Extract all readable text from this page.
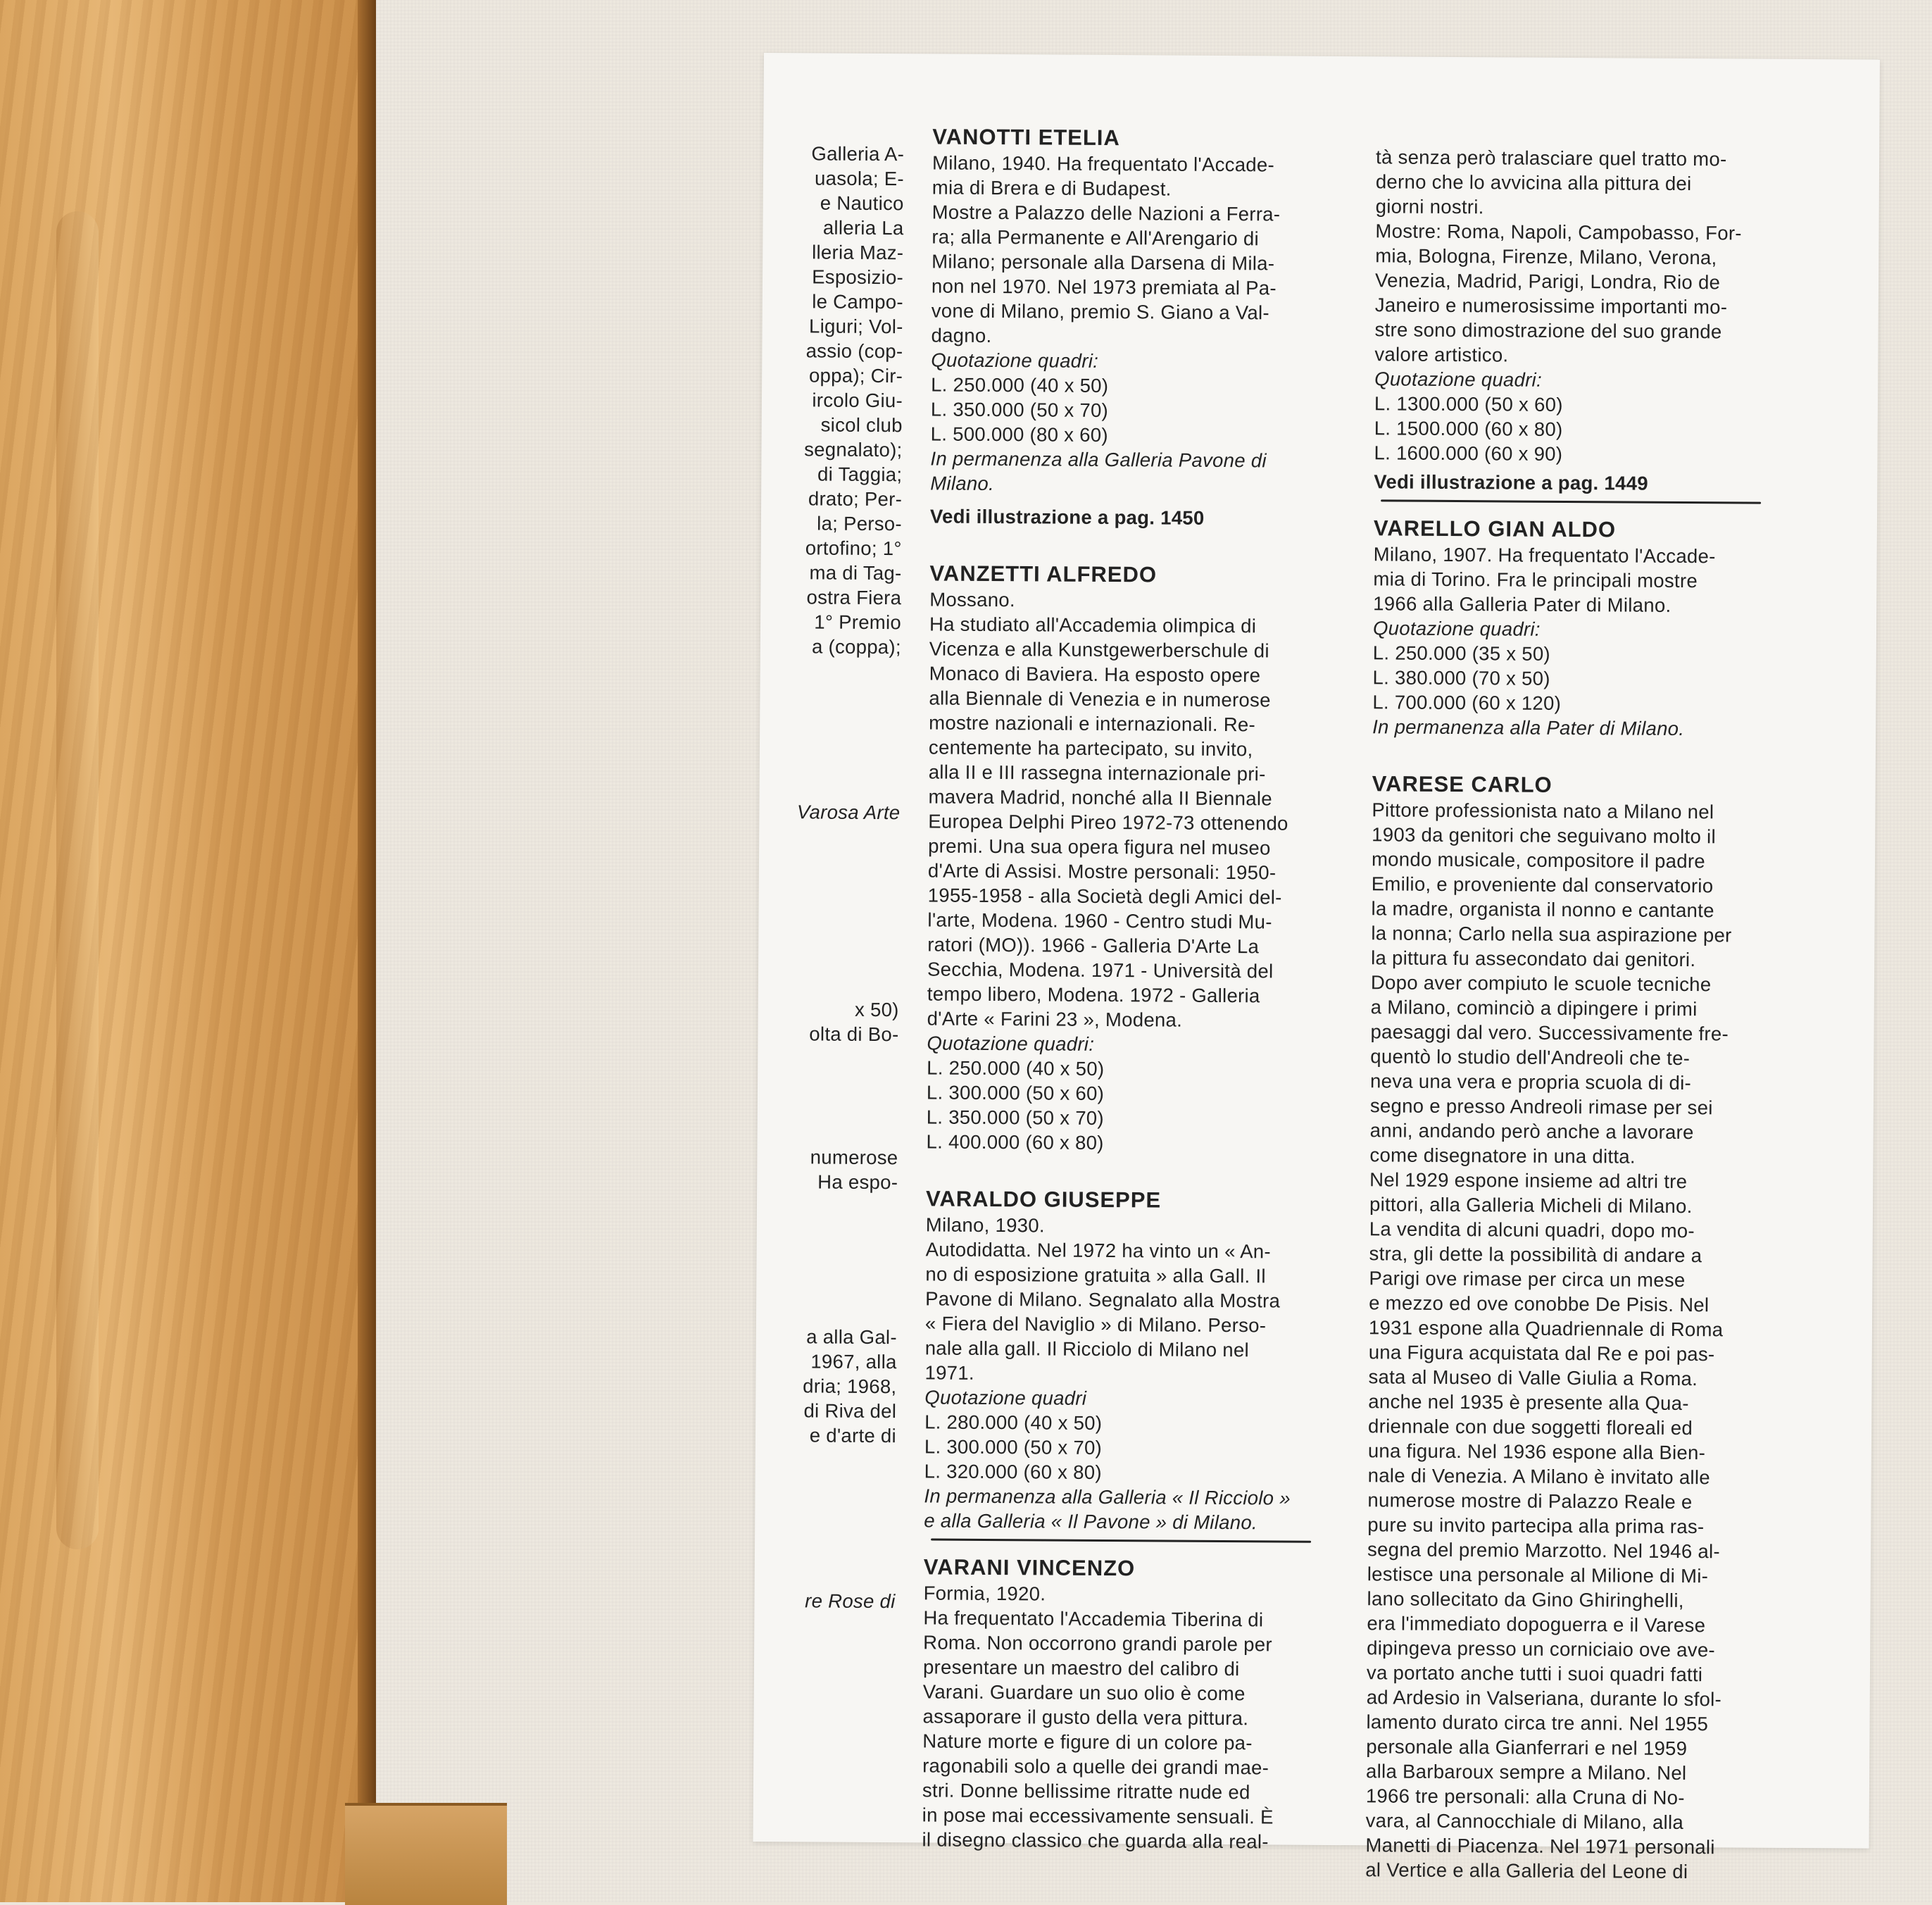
Galleria A-

uasola; E-

e Nautico

alleria La

lleria Maz-

Esposizio-

le Campo-

Liguri; Vol-

assio (cop-

oppa); Cir-

ircolo Giu-

sicol club

segnalato);

di Taggia;

drato; Per-

la; Perso-

ortofino; 1°

ma di Tag-

ostra Fiera

1° Premio

a (coppa);

Varosa Arte

x 50)

olta di Bo-

numerose

Ha espo-

a alla Gal-

1967, alla

dria; 1968,

di Riva del

e d'arte di

re Rose di

VANOTTI ETELIA

Milano, 1940. Ha frequentato l'Accade-

mia di Brera e di Budapest.

Mostre a Palazzo delle Nazioni a Ferra-

ra; alla Permanente e All'Arengario di

Milano; personale alla Darsena di Mila-

non nel 1970. Nel 1973 premiata al Pa-

vone di Milano, premio S. Giano a Val-

dagno.

Quotazione quadri:

L. 250.000 (40 x 50)

L. 350.000 (50 x 70)

L. 500.000 (80 x 60)

In permanenza alla Galleria Pavone di

Milano.

Vedi illustrazione a pag. 1450
VANZETTI ALFREDO

Mossano.

Ha studiato all'Accademia olimpica di

Vicenza e alla Kunstgewerberschule di

Monaco di Baviera. Ha esposto opere

alla Biennale di Venezia e in numerose

mostre nazionali e internazionali. Re-

centemente ha partecipato, su invito,

alla II e III rassegna internazionale pri-

mavera Madrid, nonché alla II Biennale

Europea Delphi Pireo 1972-73 ottenendo

premi. Una sua opera figura nel museo

d'Arte di Assisi. Mostre personali: 1950-

1955-1958 - alla Società degli Amici del-

l'arte, Modena. 1960 - Centro studi Mu-

ratori (MO)). 1966 - Galleria D'Arte La

Secchia, Modena. 1971 - Università del

tempo libero, Modena. 1972 - Galleria

d'Arte « Farini 23 », Modena.

Quotazione quadri:

L. 250.000 (40 x 50)

L. 300.000 (50 x 60)

L. 350.000 (50 x 70)

L. 400.000 (60 x 80)

VARALDO GIUSEPPE

Milano, 1930.

Autodidatta. Nel 1972 ha vinto un « An-

no di esposizione gratuita » alla Gall. Il

Pavone di Milano. Segnalato alla Mostra

« Fiera del Naviglio » di Milano. Perso-

nale alla gall. Il Ricciolo di Milano nel

1971.

Quotazione quadri

L. 280.000 (40 x 50)

L. 300.000 (50 x 70)

L. 320.000 (60 x 80)

In permanenza alla Galleria « Il Ricciolo »

e alla Galleria « Il Pavone » di Milano.

VARANI VINCENZO

Formia, 1920.

Ha frequentato l'Accademia Tiberina di

Roma. Non occorrono grandi parole per

presentare un maestro del calibro di

Varani. Guardare un suo olio è come

assaporare il gusto della vera pittura.

Nature morte e figure di un colore pa-

ragonabili solo a quelle dei grandi mae-

stri. Donne bellissime ritratte nude ed

in pose mai eccessivamente sensuali. È

il disegno classico che guarda alla real-

tà senza però tralasciare quel tratto mo-

derno che lo avvicina alla pittura dei

giorni nostri.

Mostre: Roma, Napoli, Campobasso, For-

mia, Bologna, Firenze, Milano, Verona,

Venezia, Madrid, Parigi, Londra, Rio de

Janeiro e numerosissime importanti mo-

stre sono dimostrazione del suo grande

valore artistico.

Quotazione quadri:

L. 1300.000 (50 x 60)

L. 1500.000 (60 x 80)

L. 1600.000 (60 x 90)

Vedi illustrazione a pag. 1449
VARELLO GIAN ALDO

Milano, 1907. Ha frequentato l'Accade-

mia di Torino. Fra le principali mostre

1966 alla Galleria Pater di Milano.

Quotazione quadri:

L. 250.000 (35 x 50)

L. 380.000 (70 x 50)

L. 700.000 (60 x 120)

In permanenza alla Pater di Milano.

VARESE CARLO

Pittore professionista nato a Milano nel

1903 da genitori che seguivano molto il

mondo musicale, compositore il padre

Emilio, e proveniente dal conservatorio

la madre, organista il nonno e cantante

la nonna; Carlo nella sua aspirazione per

la pittura fu assecondato dai genitori.

Dopo aver compiuto le scuole tecniche

a Milano, cominciò a dipingere i primi

paesaggi dal vero. Successivamente fre-

quentò lo studio dell'Andreoli che te-

neva una vera e propria scuola di di-

segno e presso Andreoli rimase per sei

anni, andando però anche a lavorare

come disegnatore in una ditta.

Nel 1929 espone insieme ad altri tre

pittori, alla Galleria Micheli di Milano.

La vendita di alcuni quadri, dopo mo-

stra, gli dette la possibilità di andare a

Parigi ove rimase per circa un mese

e mezzo ed ove conobbe De Pisis. Nel

1931 espone alla Quadriennale di Roma

una Figura acquistata dal Re e poi pas-

sata al Museo di Valle Giulia a Roma.

anche nel 1935 è presente alla Qua-

driennale con due soggetti floreali ed

una figura. Nel 1936 espone alla Bien-

nale di Venezia. A Milano è invitato alle

numerose mostre di Palazzo Reale e

pure su invito partecipa alla prima ras-

segna del premio Marzotto. Nel 1946 al-

lestisce una personale al Milione di Mi-

lano sollecitato da Gino Ghiringhelli,

era l'immediato dopoguerra e il Varese

dipingeva presso un corniciaio ove ave-

va portato anche tutti i suoi quadri fatti

ad Ardesio in Valseriana, durante lo sfol-

lamento durato circa tre anni. Nel 1955

personale alla Gianferrari e nel 1959

alla Barbaroux sempre a Milano. Nel

1966 tre personali: alla Cruna di No-

vara, al Cannocchiale di Milano, alla

Manetti di Piacenza. Nel 1971 personali

al Vertice e alla Galleria del Leone di
